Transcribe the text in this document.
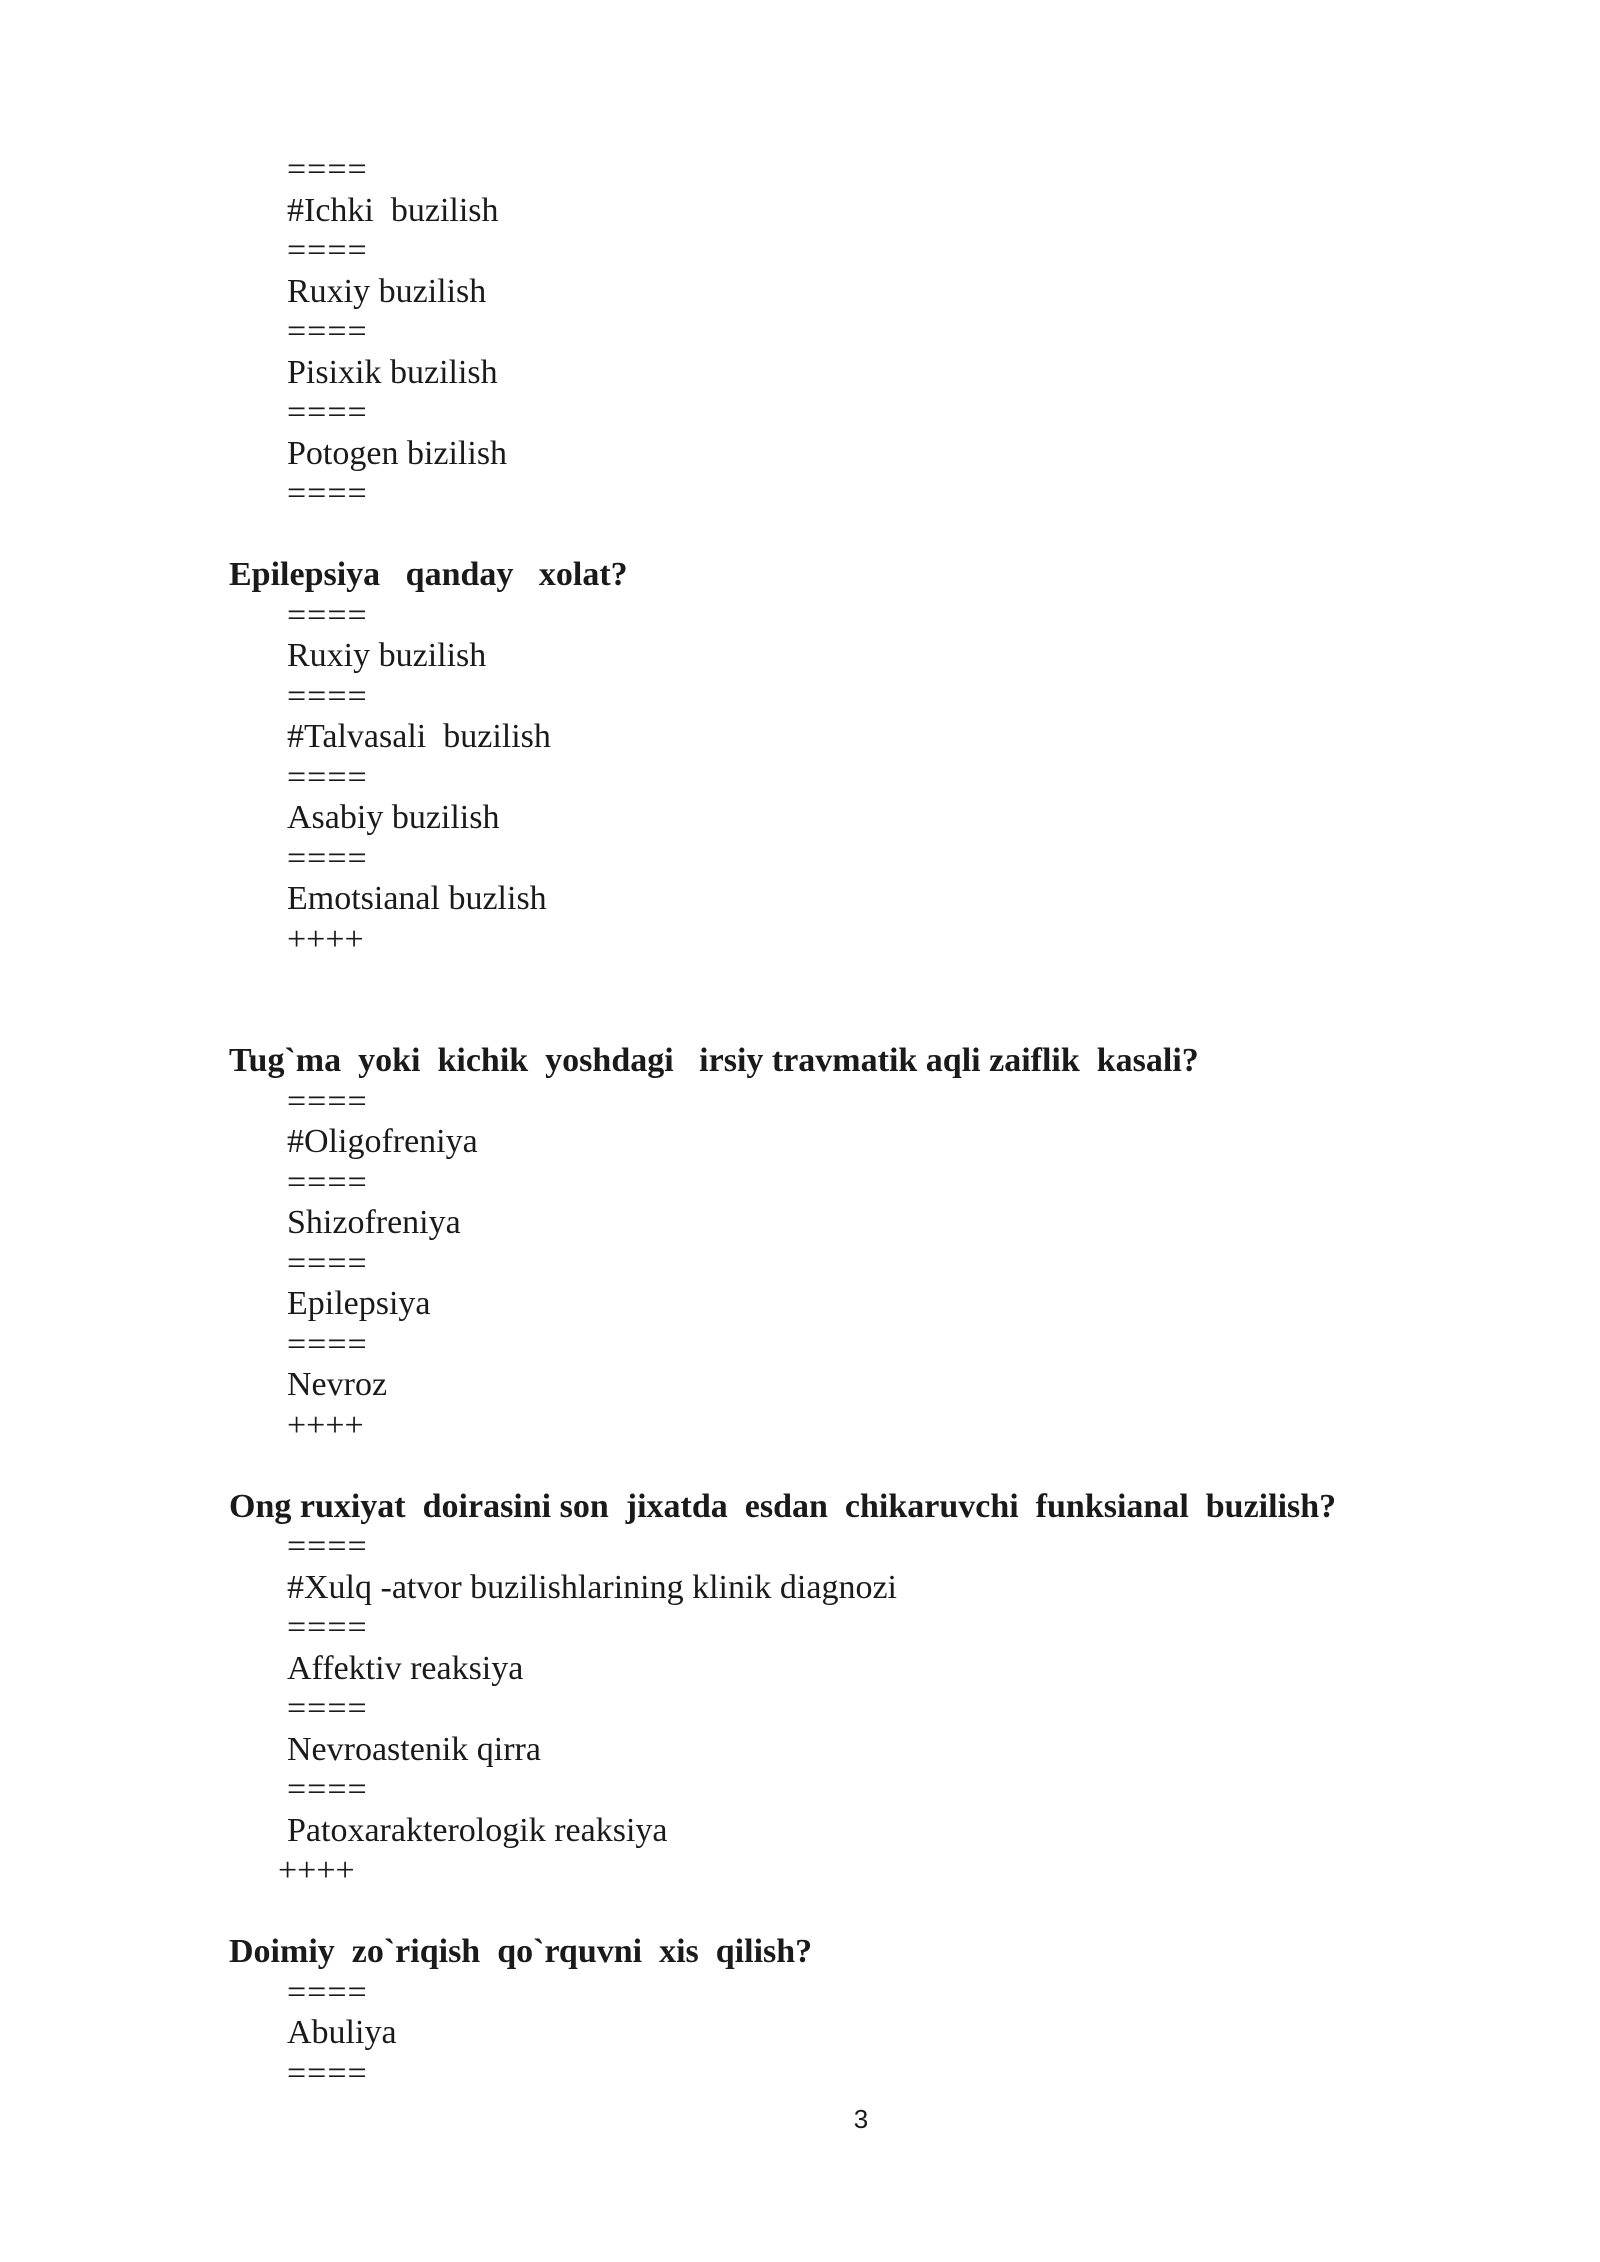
====
#Ichki  buzilish
====
Ruxiy buzilish
====
Pisixik buzilish
====
Potogen bizilish
====
Epilepsiya   qanday   xolat?
====
Ruxiy buzilish
====
#Talvasali  buzilish
====
Asabiy buzilish
====
Emotsianal buzlish
++++
Tug`ma  yoki  kichik  yoshdagi   irsiy travmatik aqli zaiflik  kasali?
====
#Oligofreniya
====
Shizofreniya
====
Epilepsiya
====
Nevroz
++++
Ong ruxiyat  doirasini son  jixatda  esdan  chikaruvchi  funksianal  buzilish?
====
#Xulq -atvor buzilishlarining klinik diagnozi
====
Affektiv reaksiya
====
Nevroastenik qirra
====
Patoxarakterologik reaksiya
++++
Doimiy  zo`riqish  qo`rquvni  xis  qilish?
====
Abuliya
====
3
